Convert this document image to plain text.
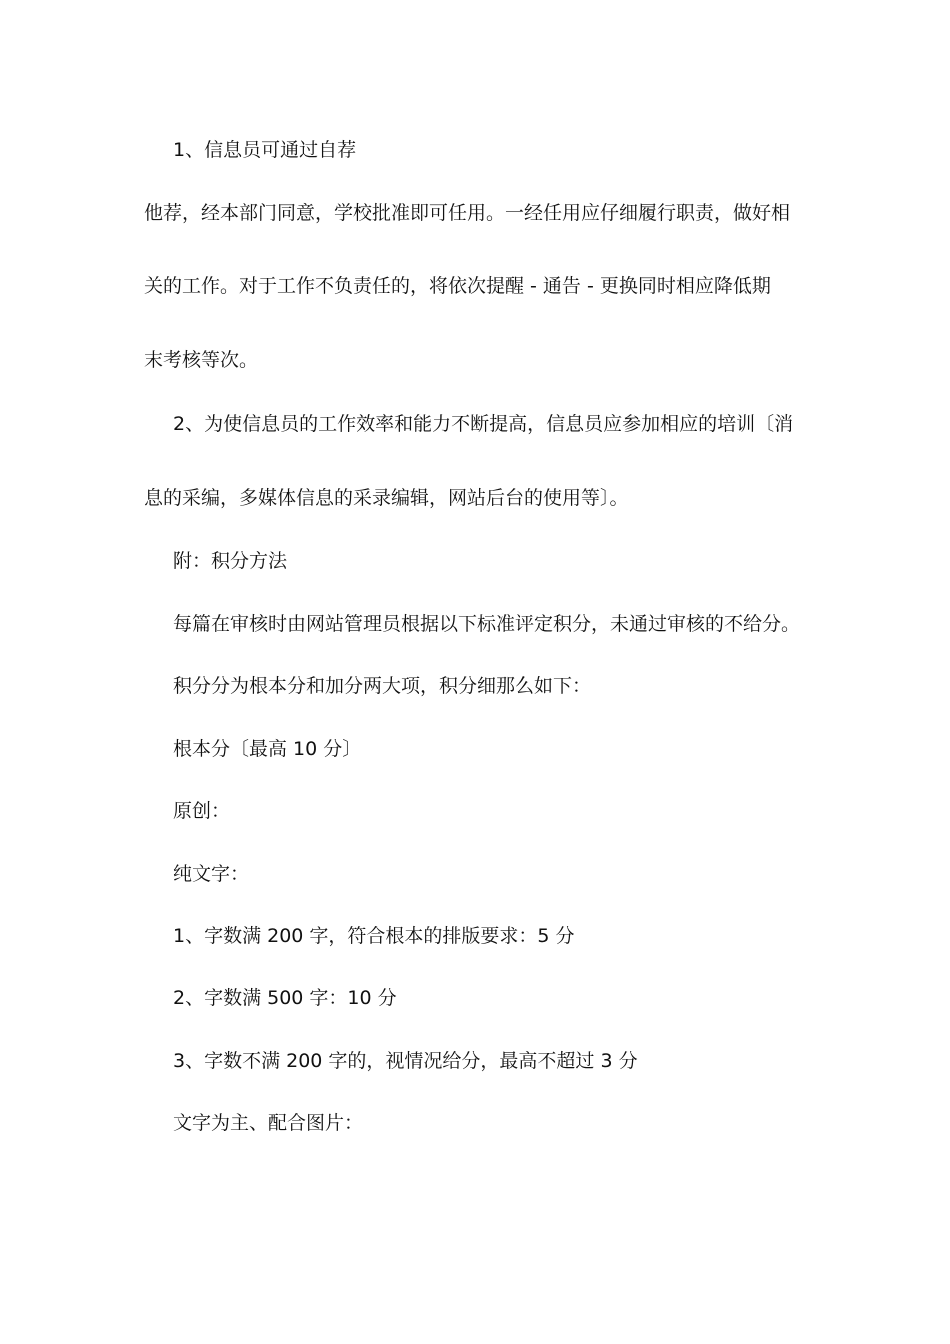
1、信息员可通过自荐
他荐，经本部门同意，学校批准即可任用。一经任用应仔细履行职责，做好相
关的工作。对于工作不负责任的，将依次提醒 - 通告 - 更换同时相应降低期
末考核等次。
2、为使信息员的工作效率和能力不断提高，信息员应参加相应的培训〔消
息的采编，多媒体信息的采录编辑，网站后台的使用等〕。
附：积分方法
每篇在审核时由网站管理员根据以下标准评定积分，未通过审核的不给分。
积分分为根本分和加分两大项，积分细那么如下：
根本分〔最高 10 分〕
原创：
纯文字：
1、字数满 200 字，符合根本的排版要求：5 分
2、字数满 500 字：10 分
3、字数不满 200 字的，视情况给分，最高不超过 3 分
文字为主、配合图片：
